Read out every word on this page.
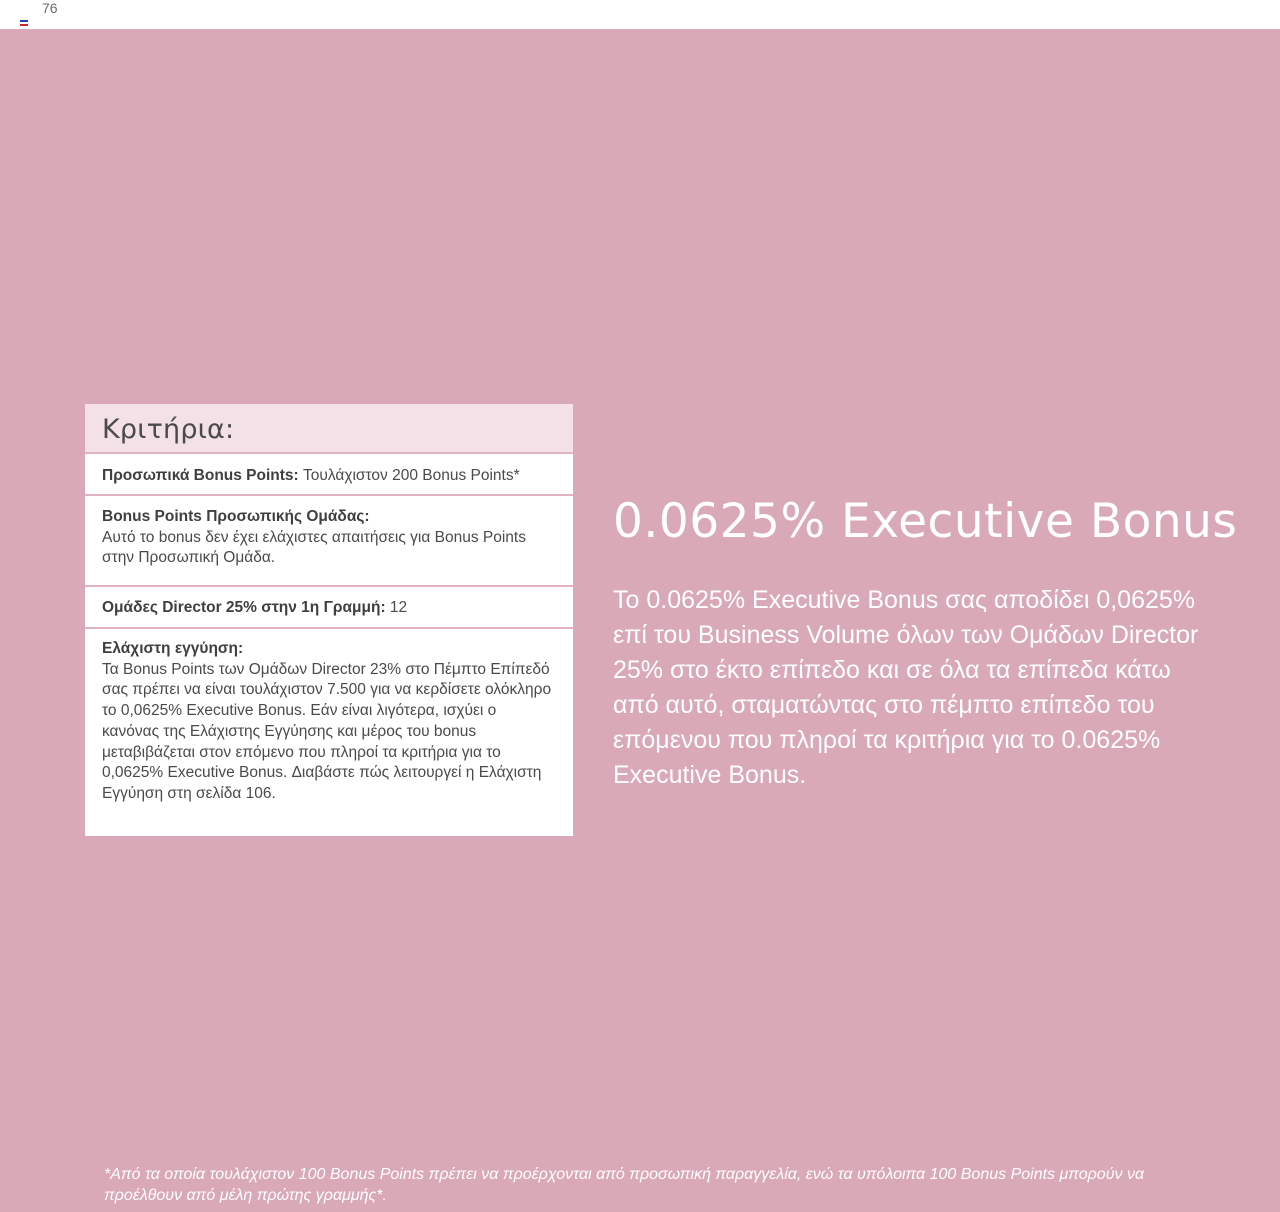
76
Κριτήρια:
Προσωπικά Bonus Points: Τουλάχιστον 200 Bonus Points*
Bonus Points Προσωπικής Ομάδας:
Αυτό το bonus δεν έχει ελάχιστες απαιτήσεις για Bonus Points στην Προσωπική Ομάδα.
Ομάδες Director 25% στην 1η Γραμμή: 12
Ελάχιστη εγγύηση:
Τα Bonus Points των Ομάδων Director 23% στο Πέμπτο Επίπεδό σας πρέπει να είναι τουλάχιστον 7.500 για να κερδίσετε ολόκληρο το 0,0625% Executive Bonus. Εάν είναι λιγότερα, ισχύει ο κανόνας της Ελάχιστης Εγγύησης και μέρος του bonus μεταβιβάζεται στον επόμενο που πληροί τα κριτήρια για το 0,0625% Executive Bonus. Διαβάστε πώς λειτουργεί η Ελάχιστη Εγγύηση στη σελίδα 106.
0.0625% Executive Bonus
Το 0.0625% Executive Bonus σας αποδίδει 0,0625% επί του Business Volume όλων των Ομάδων Director 25% στο έκτο επίπεδο και σε όλα τα επίπεδα κάτω από αυτό, σταματώντας στο πέμπτο επίπεδο του επόμενου που πληροί τα κριτήρια για το 0.0625% Executive Bonus.
*Από τα οποία τουλάχιστον 100 Bonus Points πρέπει να προέρχονται από προσωπική παραγγελία, ενώ τα υπόλοιπα 100 Bonus Points μπορούν να προέλθουν από μέλη πρώτης γραμμής*.
